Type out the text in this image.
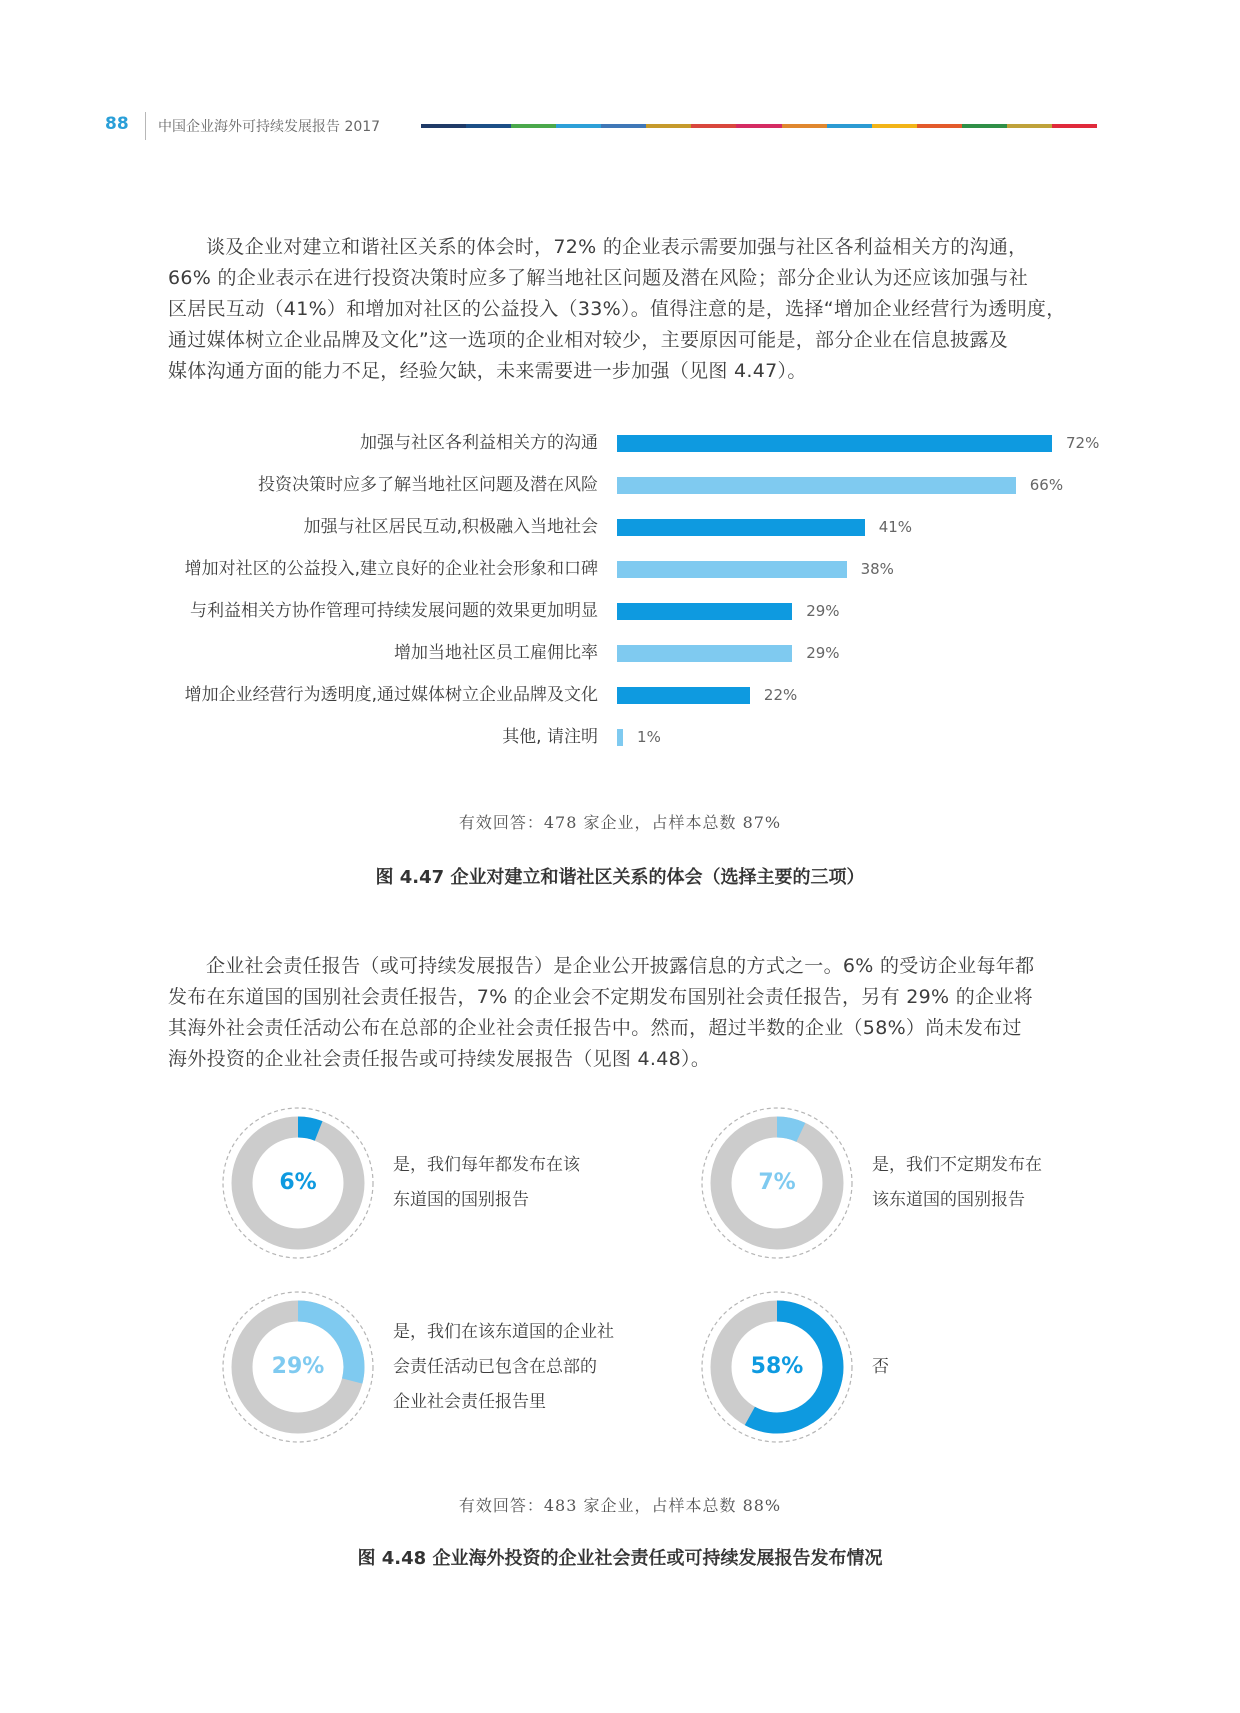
88 中国企业海外可持续发展报告 2017

谈及企业对建立和谐社区关系的体会时，72% 的企业表示需要加强与社区各利益相关方的沟通，
66% 的企业表示在进行投资决策时应多了解当地社区问题及潜在风险；部分企业认为还应该加强与社
区居民互动（41%）和增加对社区的公益投入（33%）。值得注意的是，选择“增加企业经营行为透明度，
通过媒体树立企业品牌及文化”这一选项的企业相对较少，主要原因可能是，部分企业在信息披露及
媒体沟通方面的能力不足，经验欠缺，未来需要进一步加强（见图 4.47）。

加强与社区各利益相关方的沟通	72%
投资决策时应多了解当地社区问题及潜在风险	66%
加强与社区居民互动,积极融入当地社会	41%
增加对社区的公益投入,建立良好的企业社会形象和口碑	38%
与利益相关方协作管理可持续发展问题的效果更加明显	29%
增加当地社区员工雇佣比率	29%
增加企业经营行为透明度,通过媒体树立企业品牌及文化	22%
其他, 请注明	1%
有效回答：478 家企业，占样本总数 87%
图 4.47 企业对建立和谐社区关系的体会（选择主要的三项）

企业社会责任报告（或可持续发展报告）是企业公开披露信息的方式之一。6% 的受访企业每年都
发布在东道国的国别社会责任报告，7% 的企业会不定期发布国别社会责任报告，另有 29% 的企业将
其海外社会责任活动公布在总部的企业社会责任报告中。然而，超过半数的企业（58%）尚未发布过
海外投资的企业社会责任报告或可持续发展报告（见图 4.48）。

6%
是，我们每年都发布在该
东道国的国别报告
7%
是，我们不定期发布在
该东道国的国别报告
29%
是，我们在该东道国的企业社
会责任活动已包含在总部的
企业社会责任报告里
58%	否
有效回答：483 家企业，占样本总数 88%
图 4.48 企业海外投资的企业社会责任或可持续发展报告发布情况
